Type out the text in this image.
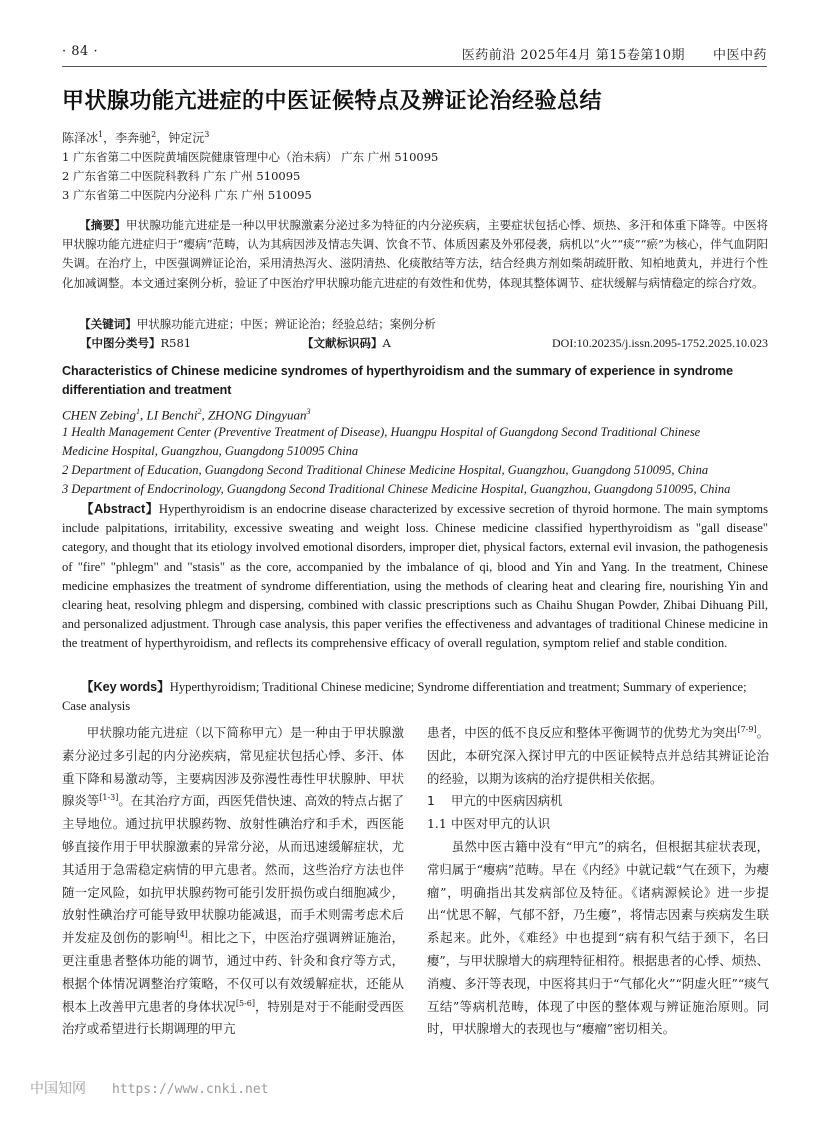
· 84 ·	医药前沿 2025年4月 第15卷第10期 中医中药
甲状腺功能亢进症的中医证候特点及辨证论治经验总结
陈泽冰$^1$，李奔驰$^2$，钟定沅$^3$
1 广东省第二中医院黄埔医院健康管理中心（治未病） 广东 广州 510095
2 广东省第二中医院科教科 广东 广州 510095
3 广东省第二中医院内分泌科 广东 广州 510095
【摘要】甲状腺功能亢进症是一种以甲状腺激素分泌过多为特征的内分泌疾病，主要症状包括心悸、烦热、多汗和体重下降等。中医将甲状腺功能亢进症归于“瘿病”范畴，认为其病因涉及情志失调、饮食不节、体质因素及外邪侵袭，病机以“火”“痰”“瘀”为核心，伴气血阴阳失调。在治疗上，中医强调辨证论治，采用清热泻火、滋阴清热、化痰散结等方法，结合经典方剂如柴胡疏肝散、知柏地黄丸，并进行个性化加减调整。本文通过案例分析，验证了中医治疗甲状腺功能亢进症的有效性和优势，体现其整体调节、症状缓解与病情稳定的综合疗效。
【关键词】甲状腺功能亢进症；中医；辨证论治；经验总结；案例分析
【中图分类号】R581	【文献标识码】A	DOI:10.20235/j.issn.2095-1752.2025.10.023
Characteristics of Chinese medicine syndromes of hyperthyroidism and the summary of experience in syndrome differentiation and treatment
CHEN Zebing$^1$, LI Benchi$^2$, ZHONG Dingyuan$^3$
1 Health Management Center (Preventive Treatment of Disease), Huangpu Hospital of Guangdong Second Traditional Chinese
Medicine Hospital, Guangzhou, Guangdong 510095 China
2 Department of Education, Guangdong Second Traditional Chinese Medicine Hospital, Guangzhou, Guangdong 510095, China
3 Department of Endocrinology, Guangdong Second Traditional Chinese Medicine Hospital, Guangzhou, Guangdong 510095, China
【Abstract】Hyperthyroidism is an endocrine disease characterized by excessive secretion of thyroid hormone. The main symptoms include palpitations, irritability, excessive sweating and weight loss. Chinese medicine classified hyperthyroidism as "gall disease" category, and thought that its etiology involved emotional disorders, improper diet, physical factors, external evil invasion, the pathogenesis of "fire" "phlegm" and "stasis" as the core, accompanied by the imbalance of qi, blood and Yin and Yang. In the treatment, Chinese medicine emphasizes the treatment of syndrome differentiation, using the methods of clearing heat and clearing fire, nourishing Yin and clearing heat, resolving phlegm and dispersing, combined with classic prescriptions such as Chaihu Shugan Powder, Zhibai Dihuang Pill, and personalized adjustment. Through case analysis, this paper verifies the effectiveness and advantages of traditional Chinese medicine in the treatment of hyperthyroidism, and reflects its comprehensive efficacy of overall regulation, symptom relief and stable condition.
【Key words】Hyperthyroidism; Traditional Chinese medicine; Syndrome differentiation and treatment; Summary of experience; Case analysis

甲状腺功能亢进症（以下简称甲亢）是一种由于甲状腺激素分泌过多引起的内分泌疾病，常见症状包括心悸、多汗、体重下降和易激动等，主要病因涉及弥漫性毒性甲状腺肿、甲状腺炎等[1-3]。在其治疗方面，西医凭借快速、高效的特点占据了主导地位。通过抗甲状腺药物、放射性碘治疗和手术，西医能够直接作用于甲状腺激素的异常分泌，从而迅速缓解症状，尤其适用于急需稳定病情的甲亢患者。然而，这些治疗方法也伴随一定风险，如抗甲状腺药物可能引发肝损伤或白细胞减少，放射性碘治疗可能导致甲状腺功能减退，而手术则需考虑术后并发症及创伤的影响[4]。相比之下，中医治疗强调辨证施治，更注重患者整体功能的调节，通过中药、针灸和食疗等方式，根据个体情况调整治疗策略，不仅可以有效缓解症状，还能从根本上改善甲亢患者的身体状况[5-6]，特别是对于不能耐受西医治疗或希望进行长期调理的甲亢

患者，中医的低不良反应和整体平衡调节的优势尤为突出[7-9]。因此，本研究深入探讨甲亢的中医证候特点并总结其辨证论治的经验，以期为该病的治疗提供相关依据。

1 甲亢的中医病因病机

1.1 中医对甲亢的认识

虽然中医古籍中没有“甲亢”的病名，但根据其症状表现，常归属于“瘿病”范畴。早在《内经》中就记载“气在颈下，为瘿瘤”，明确指出其发病部位及特征。《诸病源候论》进一步提出“忧思不解，气郁不舒，乃生瘿”，将情志因素与疾病发生联系起来。此外，《难经》中也提到“病有积气结于颈下，名曰瘿”，与甲状腺增大的病理特征相符。根据患者的心悸、烦热、消瘦、多汗等表现，中医将其归于“气郁化火”“阴虚火旺”“痰气互结”等病机范畴，体现了中医的整体观与辨证施治原则。同时，甲状腺增大的表现也与“瘿瘤”密切相关。

中国知网 https://www.cnki.net
